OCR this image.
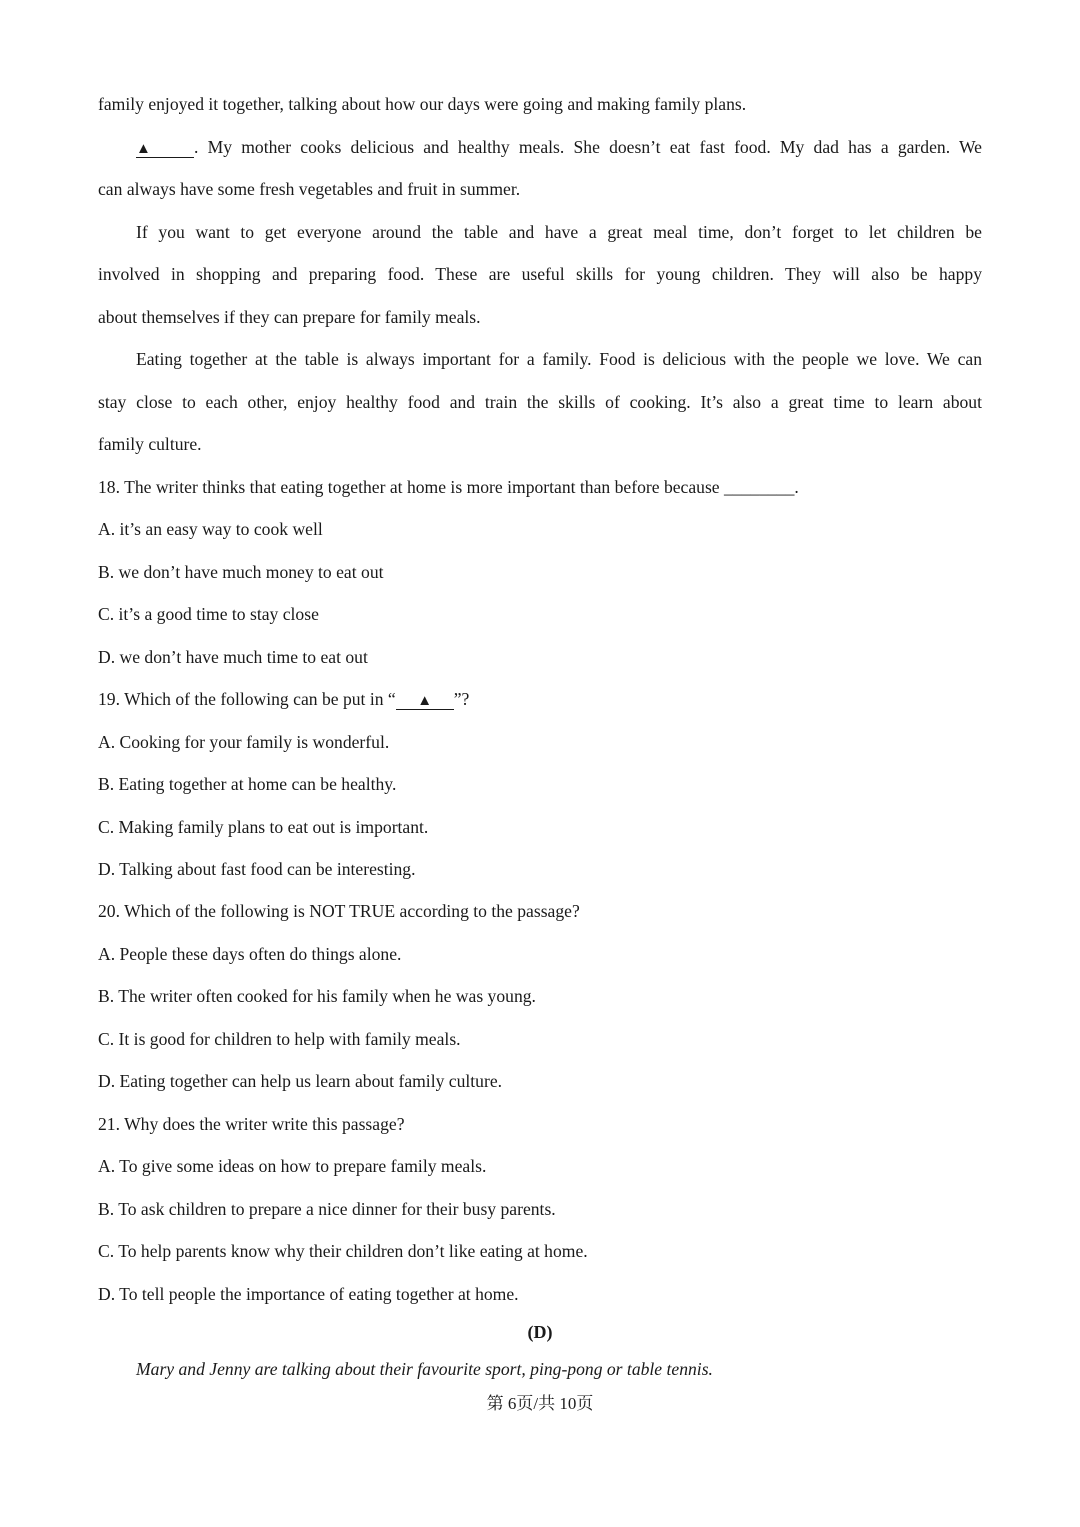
family enjoyed it together, talking about how our days were going and making family plans.
▲ . My mother cooks delicious and healthy meals. She doesn’t eat fast food. My dad has a garden. We
can always have some fresh vegetables and fruit in summer.
If you want to get everyone around the table and have a great meal time, don’t forget to let children be
involved in shopping and preparing food. These are useful skills for young children. They will also be happy
about themselves if they can prepare for family meals.
Eating together at the table is always important for a family. Food is delicious with the people we love. We can
stay close to each other, enjoy healthy food and train the skills of cooking. It’s also a great time to learn about
family culture.
18. The writer thinks that eating together at home is more important than before because ________.
A. it’s an easy way to cook well
B. we don’t have much money to eat out
C. it’s a good time to stay close
D. we don’t have much time to eat out
19. Which of the following can be put in “ ▲ ”?
A. Cooking for your family is wonderful.
B. Eating together at home can be healthy.
C. Making family plans to eat out is important.
D. Talking about fast food can be interesting.
20. Which of the following is NOT TRUE according to the passage?
A. People these days often do things alone.
B. The writer often cooked for his family when he was young.
C. It is good for children to help with family meals.
D. Eating together can help us learn about family culture.
21. Why does the writer write this passage?
A. To give some ideas on how to prepare family meals.
B. To ask children to prepare a nice dinner for their busy parents.
C. To help parents know why their children don’t like eating at home.
D. To tell people the importance of eating together at home.
(D)
Mary and Jenny are talking about their favourite sport, ping-pong or table tennis.
第 6页/共 10页
